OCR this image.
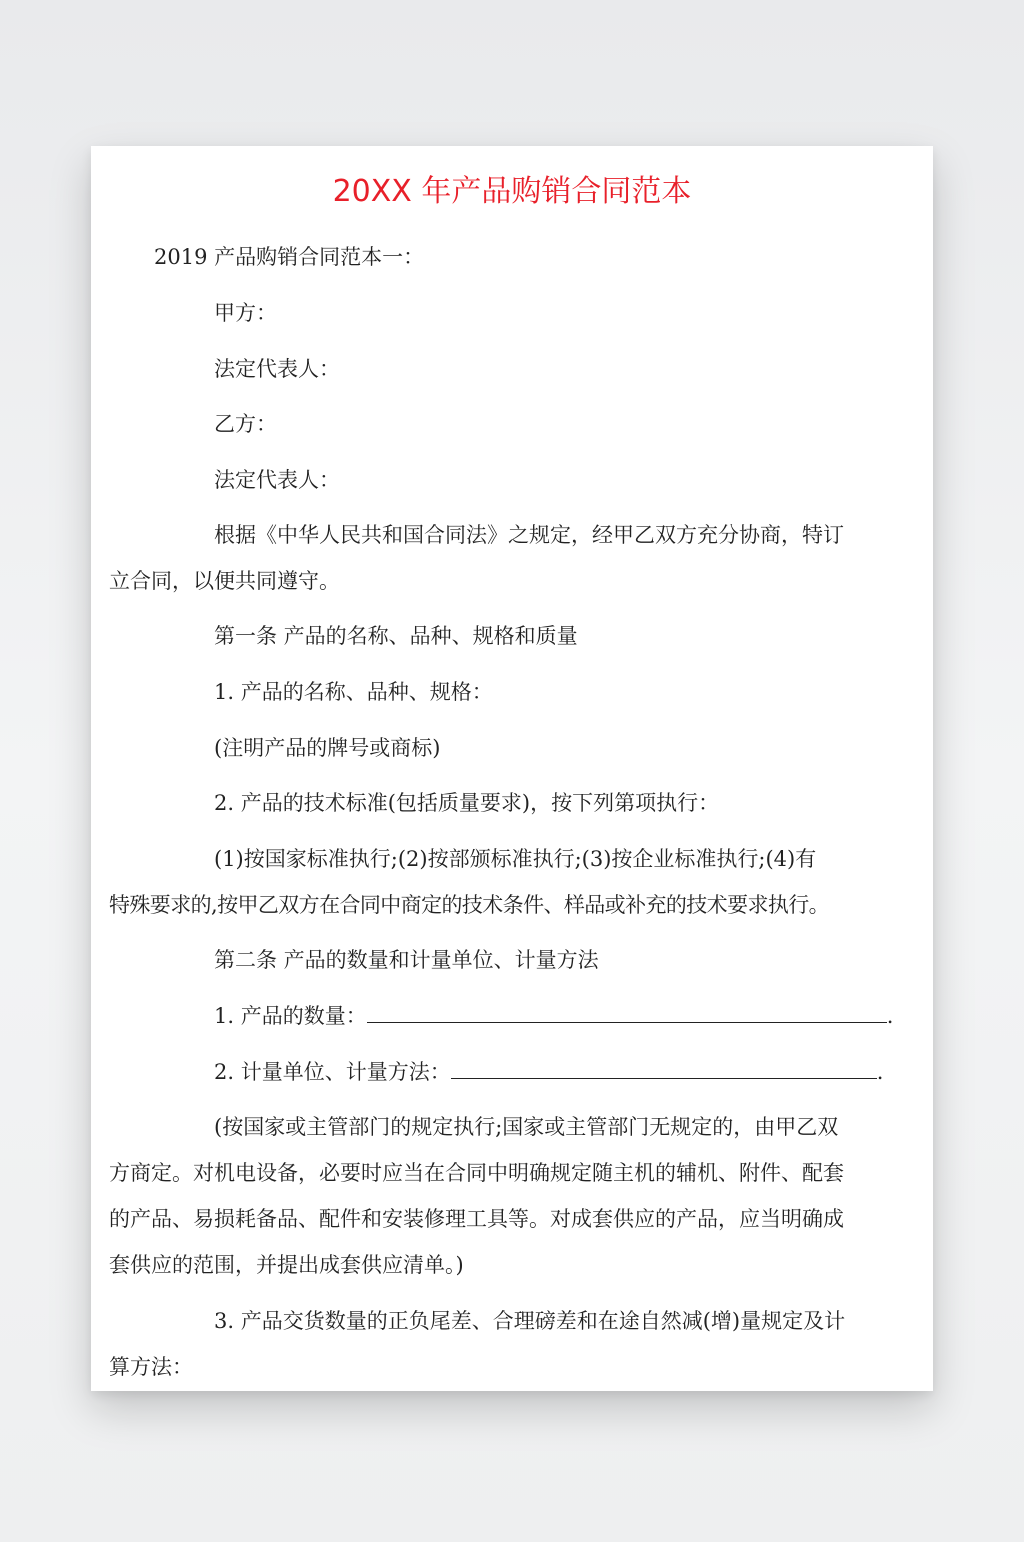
20XX 年产品购销合同范本
2019 产品购销合同范本一：
甲方：
法定代表人：
乙方：
法定代表人：
根据《中华人民共和国合同法》之规定，经甲乙双方充分协商，特订
立合同，以便共同遵守。
第一条 产品的名称、品种、规格和质量
1. 产品的名称、品种、规格：
(注明产品的牌号或商标)
2. 产品的技术标准(包括质量要求)，按下列第项执行：
(1)按国家标准执行;(2)按部颁标准执行;(3)按企业标准执行;(4)有
特殊要求的,按甲乙双方在合同中商定的技术条件、样品或补充的技术要求执行。
第二条 产品的数量和计量单位、计量方法
1. 产品的数量：	.
2. 计量单位、计量方法：	.
(按国家或主管部门的规定执行;国家或主管部门无规定的，由甲乙双
方商定。对机电设备，必要时应当在合同中明确规定随主机的辅机、附件、配套
的产品、易损耗备品、配件和安装修理工具等。对成套供应的产品，应当明确成
套供应的范围，并提出成套供应清单。)
3. 产品交货数量的正负尾差、合理磅差和在途自然减(增)量规定及计
算方法：
